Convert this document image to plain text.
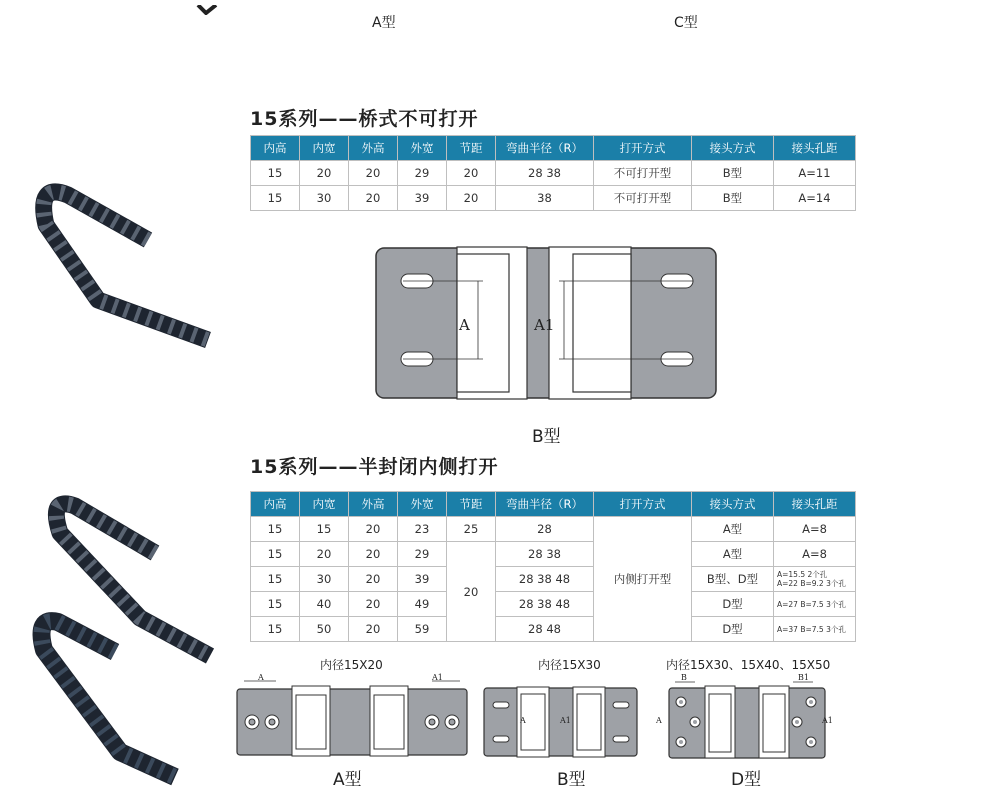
A型	C型
15系列——桥式不可打开
内高	内宽	外高	外宽	节距	弯曲半径（R）	打开方式	接头方式	接头孔距
15	20	20	29	20	28 38	不可打开型	B型	A=11
15	30	20	39	20	38	不可打开型	B型	A=14
A	A1
B型
15系列——半封闭内侧打开
内高	内宽	外高	外宽	节距	弯曲半径（R）	打开方式	接头方式	接头孔距
15	15	20	23	25	28	内侧打开型	A型	A=8
15	20	20	29	20	28 38		A型	A=8
15	30	20	39		28 38 48		B型、D型	A=15.5 2个孔
A=22 B=9.2 3个孔

15	40	20	49		28 38 48		D型	A=27 B=7.5 3个孔
15	50	20	59		28 48		D型	A=37 B=7.5 3个孔
内径15X20	内径15X30	内径15X30、15X40、15X50
A	A1
A型
A	A1
B型
B	B1
A	A1
D型
